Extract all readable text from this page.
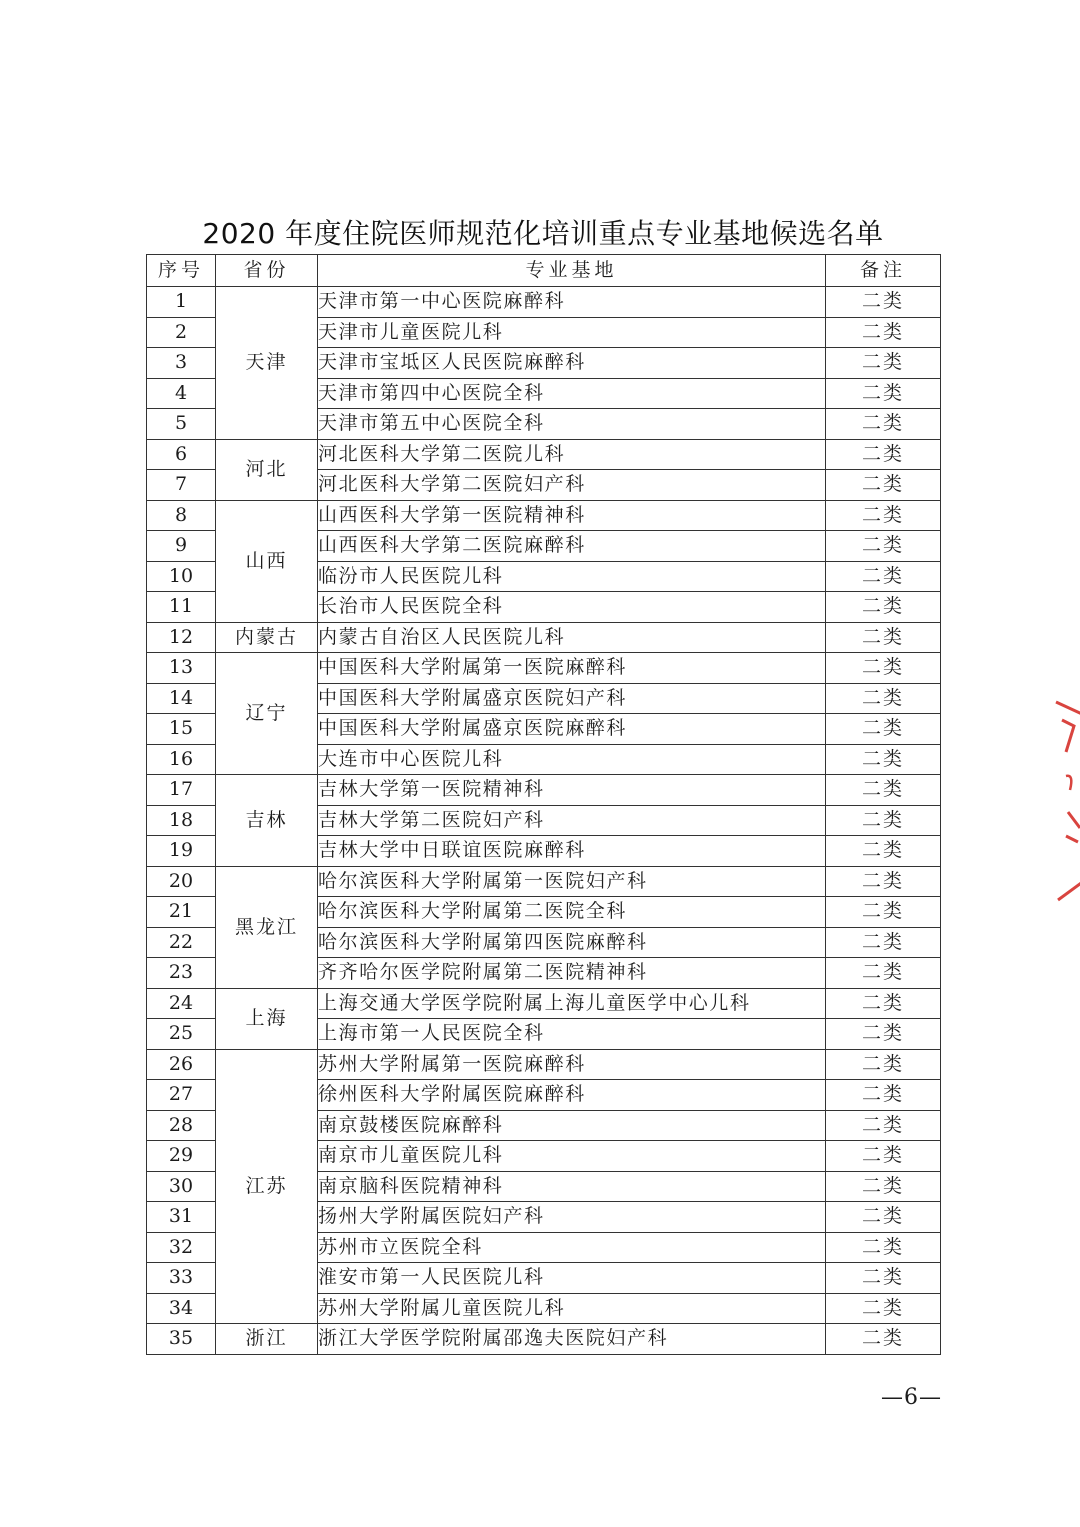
2020 年度住院医师规范化培训重点专业基地候选名单
序号	省份	专业基地	备注
1	天津	天津市第一中心医院麻醉科	二类
2		天津市儿童医院儿科	二类
3		天津市宝坻区人民医院麻醉科	二类
4		天津市第四中心医院全科	二类
5		天津市第五中心医院全科	二类
6	河北	河北医科大学第二医院儿科	二类
7		河北医科大学第二医院妇产科	二类
8	山西	山西医科大学第一医院精神科	二类
9		山西医科大学第二医院麻醉科	二类
10		临汾市人民医院儿科	二类
11		长治市人民医院全科	二类
12	内蒙古	内蒙古自治区人民医院儿科	二类
13	辽宁	中国医科大学附属第一医院麻醉科	二类
14		中国医科大学附属盛京医院妇产科	二类
15		中国医科大学附属盛京医院麻醉科	二类
16		大连市中心医院儿科	二类
17	吉林	吉林大学第一医院精神科	二类
18		吉林大学第二医院妇产科	二类
19		吉林大学中日联谊医院麻醉科	二类
20	黑龙江	哈尔滨医科大学附属第一医院妇产科	二类
21		哈尔滨医科大学附属第二医院全科	二类
22		哈尔滨医科大学附属第四医院麻醉科	二类
23		齐齐哈尔医学院附属第二医院精神科	二类
24	上海	上海交通大学医学院附属上海儿童医学中心儿科	二类
25		上海市第一人民医院全科	二类
26	江苏	苏州大学附属第一医院麻醉科	二类
27		徐州医科大学附属医院麻醉科	二类
28		南京鼓楼医院麻醉科	二类
29		南京市儿童医院儿科	二类
30		南京脑科医院精神科	二类
31		扬州大学附属医院妇产科	二类
32		苏州市立医院全科	二类
33		淮安市第一人民医院儿科	二类
34		苏州大学附属儿童医院儿科	二类
35	浙江	浙江大学医学院附属邵逸夫医院妇产科	二类
—6—
